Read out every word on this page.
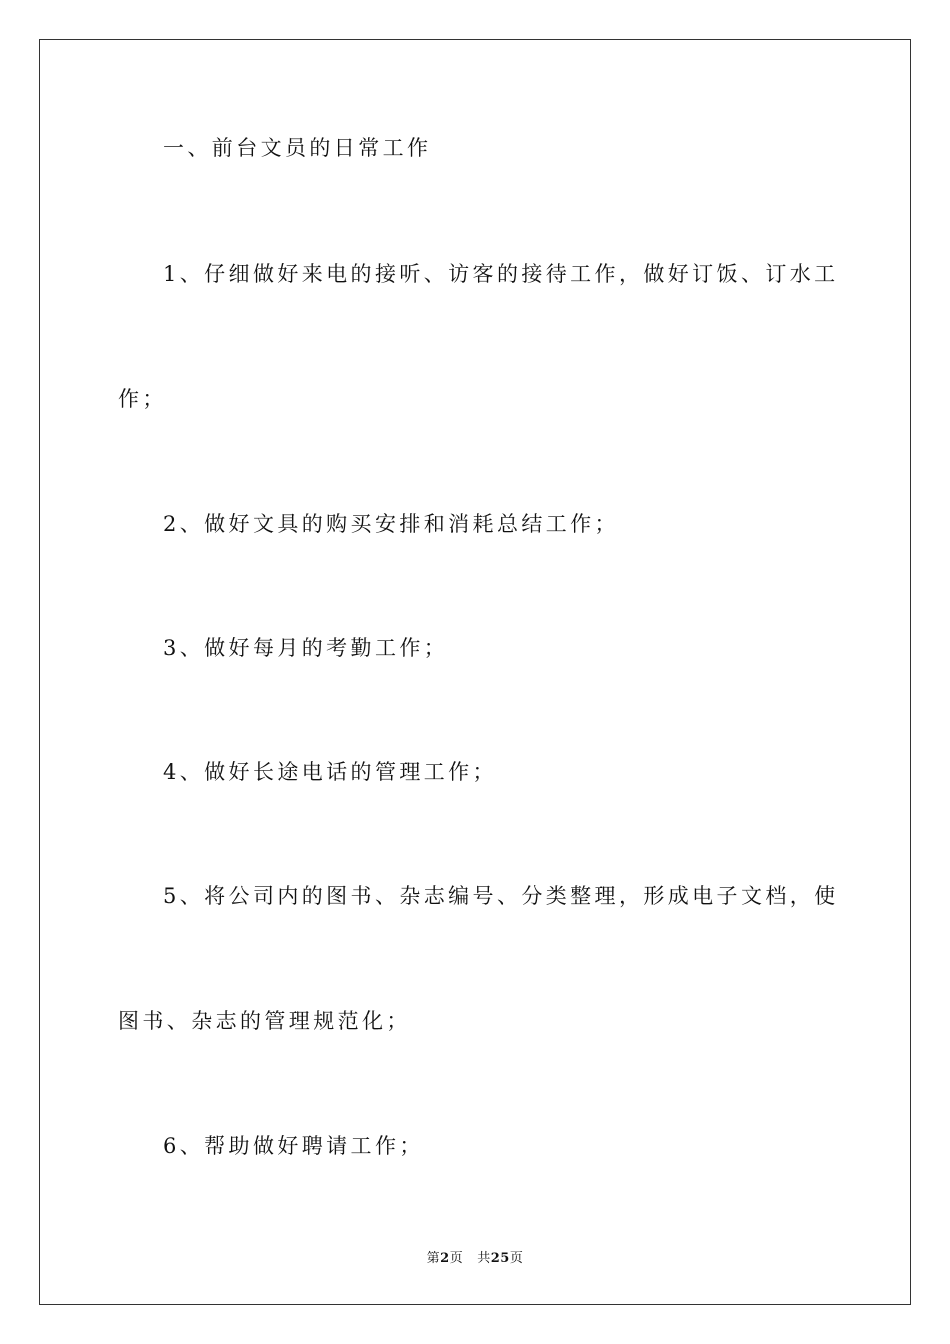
一、前台文员的日常工作
1、仔细做好来电的接听、访客的接待工作，做好订饭、订水工
作；
2、做好文具的购买安排和消耗总结工作；
3、做好每月的考勤工作；
4、做好长途电话的管理工作；
5、将公司内的图书、杂志编号、分类整理，形成电子文档，使
图书、杂志的管理规范化；
6、帮助做好聘请工作；
第2页 共25页
